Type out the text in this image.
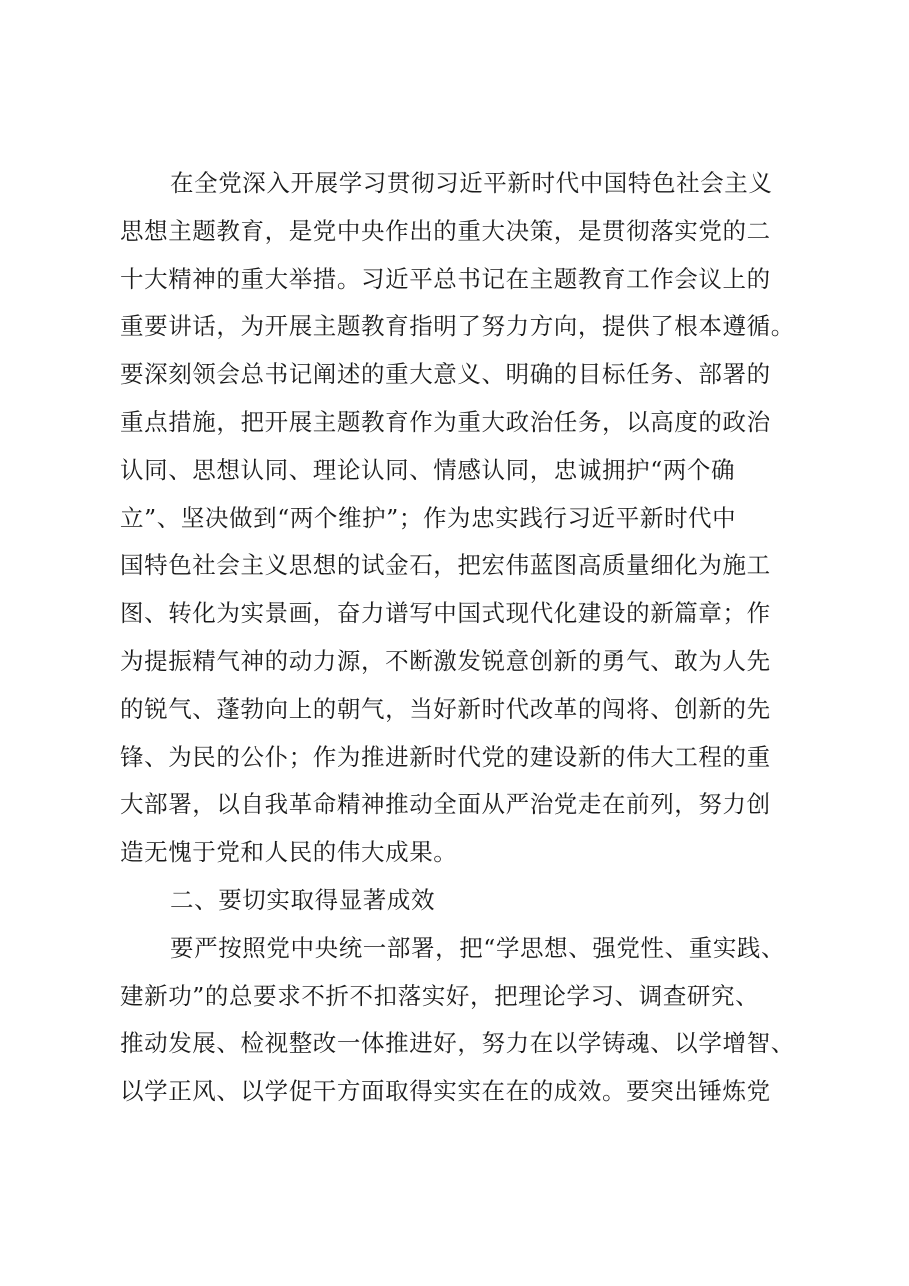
在全党深入开展学习贯彻习近平新时代中国特色社会主义
思想主题教育，是党中央作出的重大决策，是贯彻落实党的二
十大精神的重大举措。习近平总书记在主题教育工作会议上的
重要讲话，为开展主题教育指明了努力方向，提供了根本遵循。
要深刻领会总书记阐述的重大意义、明确的目标任务、部署的
重点措施，把开展主题教育作为重大政治任务，以高度的政治
认同、思想认同、理论认同、情感认同，忠诚拥护“两个确
立”、坚决做到“两个维护”；作为忠实践行习近平新时代中
国特色社会主义思想的试金石，把宏伟蓝图高质量细化为施工
图、转化为实景画，奋力谱写中国式现代化建设的新篇章；作
为提振精气神的动力源，不断激发锐意创新的勇气、敢为人先
的锐气、蓬勃向上的朝气，当好新时代改革的闯将、创新的先
锋、为民的公仆；作为推进新时代党的建设新的伟大工程的重
大部署，以自我革命精神推动全面从严治党走在前列，努力创
造无愧于党和人民的伟大成果。
二、要切实取得显著成效
要严按照党中央统一部署，把“学思想、强党性、重实践、
建新功”的总要求不折不扣落实好，把理论学习、调查研究、
推动发展、检视整改一体推进好，努力在以学铸魂、以学增智、
以学正风、以学促干方面取得实实在在的成效。要突出锤炼党
